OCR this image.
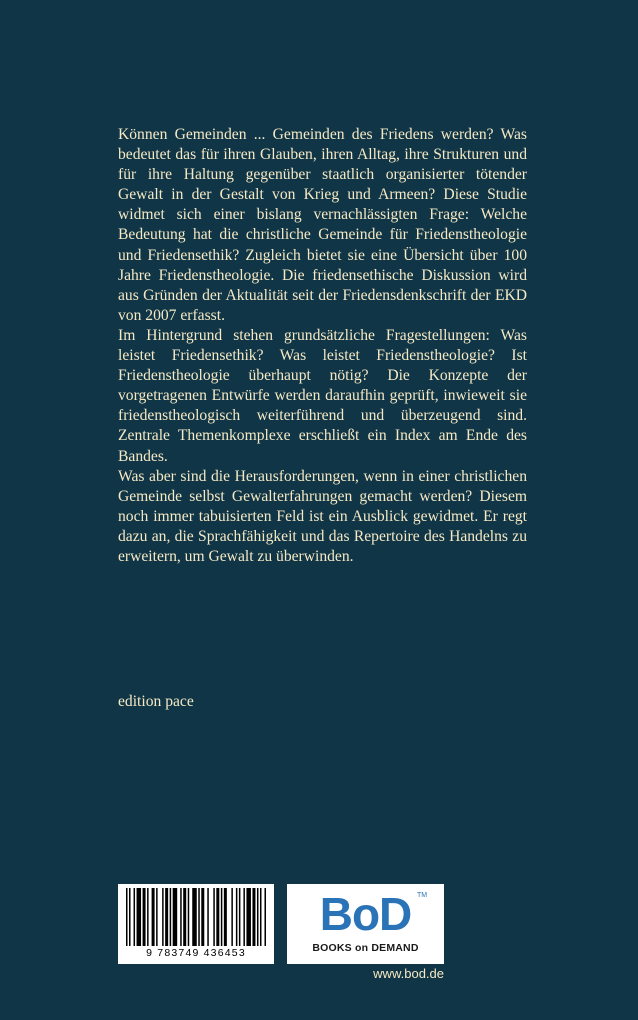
Können Gemeinden ... Gemeinden des Friedens werden? Was bedeutet das für ihren Glauben, ihren Alltag, ihre Strukturen und für ihre Haltung gegenüber staatlich organisierter tötender Gewalt in der Gestalt von Krieg und Armeen? Diese Studie widmet sich einer bislang vernachlässigten Frage: Welche Bedeutung hat die christliche Gemeinde für Friedenstheologie und Friedensethik? Zugleich bietet sie eine Übersicht über 100 Jahre Friedenstheologie. Die friedensethische Diskussion wird aus Gründen der Aktualität seit der Friedensdenkschrift der EKD von 2007 erfasst.

Im Hintergrund stehen grundsätzliche Fragestellungen: Was leistet Friedensethik? Was leistet Friedenstheologie? Ist Friedenstheologie überhaupt nötig? Die Konzepte der vorgetragenen Entwürfe werden daraufhin geprüft, inwieweit sie friedenstheologisch weiterführend und überzeugend sind. Zentrale Themenkomplexe erschließt ein Index am Ende des Bandes.

Was aber sind die Herausforderungen, wenn in einer christlichen Gemeinde selbst Gewalterfahrungen gemacht werden? Diesem noch immer tabuisierten Feld ist ein Ausblick gewidmet. Er regt dazu an, die Sprachfähigkeit und das Repertoire des Handelns zu erweitern, um Gewalt zu überwinden.

edition pace
9 783749 436453
BoD TM
BOOKS on DEMAND
www.bod.de
